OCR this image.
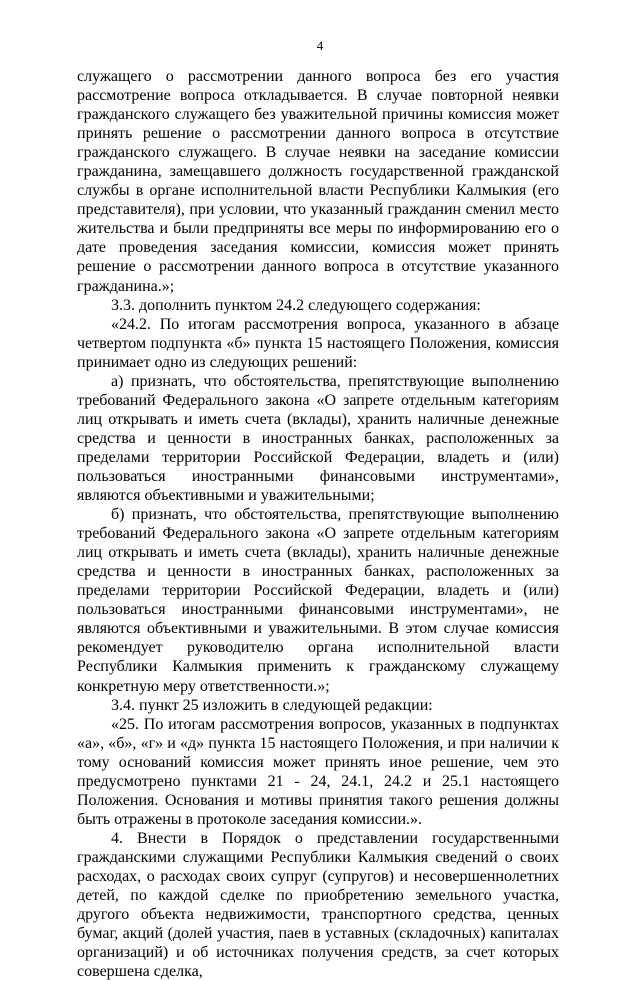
4

служащего о рассмотрении данного вопроса без его участия рассмотрение вопроса откладывается. В случае повторной неявки гражданского служащего без уважительной причины комиссия может принять решение о рассмотрении данного вопроса в отсутствие гражданского служащего. В случае неявки на заседание комиссии гражданина, замещавшего должность государственной гражданской службы в органе исполнительной власти Республики Калмыкия (его представителя), при условии, что указанный гражданин сменил место жительства и были предприняты все меры по информированию его о дате проведения заседания комиссии, комиссия может принять решение о рассмотрении данного вопроса в отсутствие указанного гражданина.»;

3.3. дополнить пунктом 24.2 следующего содержания:

«24.2. По итогам рассмотрения вопроса, указанного в абзаце четвертом подпункта «б» пункта 15 настоящего Положения, комиссия принимает одно из следующих решений:

а) признать, что обстоятельства, препятствующие выполнению требований Федерального закона «О запрете отдельным категориям лиц открывать и иметь счета (вклады), хранить наличные денежные средства и ценности в иностранных банках, расположенных за пределами территории Российской Федерации, владеть и (или) пользоваться иностранными финансовыми инструментами», являются объективными и уважительными;

б) признать, что обстоятельства, препятствующие выполнению требований Федерального закона «О запрете отдельным категориям лиц открывать и иметь счета (вклады), хранить наличные денежные средства и ценности в иностранных банках, расположенных за пределами территории Российской Федерации, владеть и (или) пользоваться иностранными финансовыми инструментами», не являются объективными и уважительными. В этом случае комиссия рекомендует руководителю органа исполнительной власти Республики Калмыкия применить к гражданскому служащему конкретную меру ответственности.»;

3.4. пункт 25 изложить в следующей редакции:

«25. По итогам рассмотрения вопросов, указанных в подпунктах «а», «б», «г» и «д» пункта 15 настоящего Положения, и при наличии к тому оснований комиссия может принять иное решение, чем это предусмотрено пунктами 21 - 24, 24.1, 24.2 и 25.1 настоящего Положения. Основания и мотивы принятия такого решения должны быть отражены в протоколе заседания комиссии.».

4. Внести в Порядок о представлении государственными гражданскими служащими Республики Калмыкия сведений о своих расходах, о расходах своих супруг (супругов) и несовершеннолетних детей, по каждой сделке по приобретению земельного участка, другого объекта недвижимости, транспортного средства, ценных бумаг, акций (долей участия, паев в уставных (складочных) капиталах организаций) и об источниках получения средств, за счет которых совершена сделка,
